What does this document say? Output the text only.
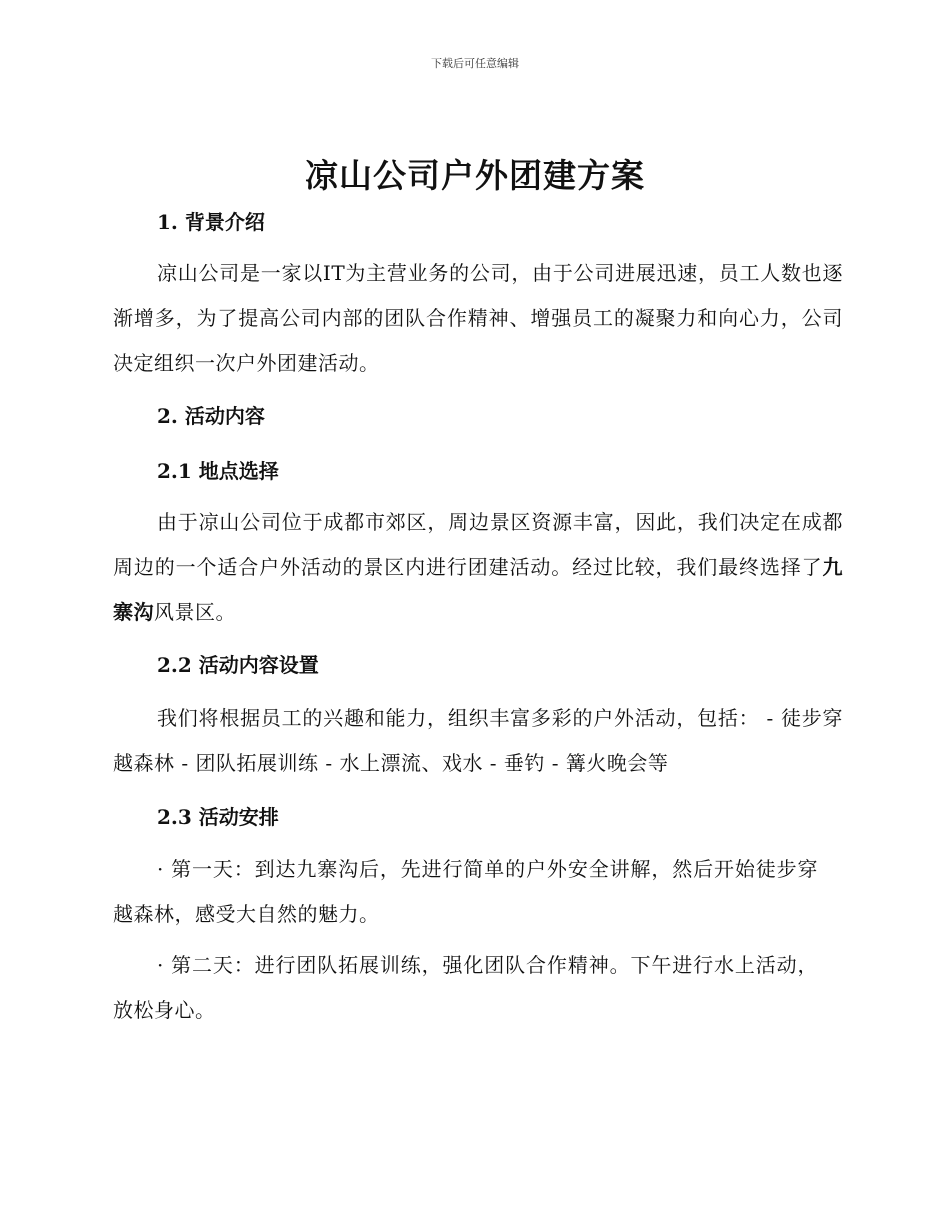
下载后可任意编辑
凉山公司户外团建方案
1. 背景介绍
凉山公司是一家以IT为主营业务的公司，由于公司进展迅速，员工人数也逐渐增多，为了提高公司内部的团队合作精神、增强员工的凝聚力和向心力，公司决定组织一次户外团建活动。
2. 活动内容
2.1 地点选择
由于凉山公司位于成都市郊区，周边景区资源丰富，因此，我们决定在成都周边的一个适合户外活动的景区内进行团建活动。经过比较，我们最终选择了九寨沟风景区。
2.2 活动内容设置
我们将根据员工的兴趣和能力，组织丰富多彩的户外活动，包括： - 徒步穿越森林 - 团队拓展训练 - 水上漂流、戏水 - 垂钓 - 篝火晚会等
2.3 活动安排
· 第一天：到达九寨沟后，先进行简单的户外安全讲解，然后开始徒步穿越森林，感受大自然的魅力。
· 第二天：进行团队拓展训练，强化团队合作精神。下午进行水上活动，放松身心。
